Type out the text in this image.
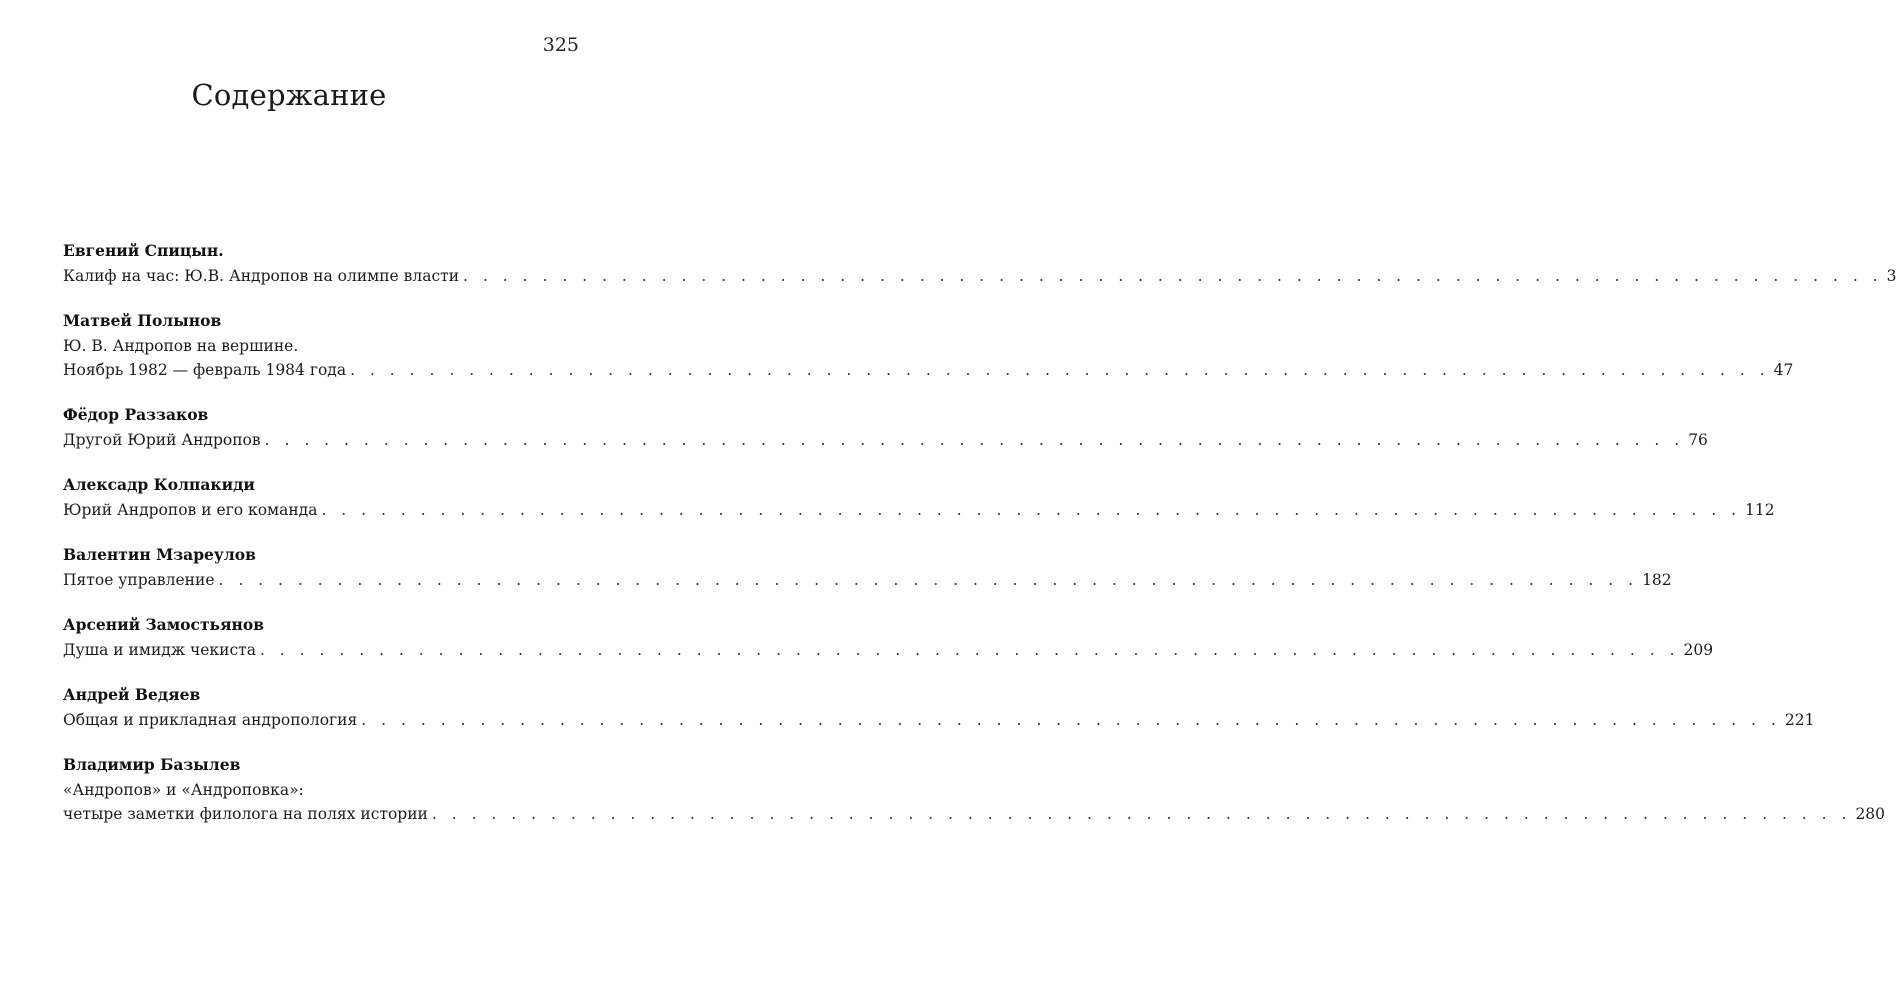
325
Содержание
Евгений Спицын.
Калиф на час: Ю.В. Андропов на олимпе власти . . . . . . . . . . . . . . . . . . . . . . . . . . . . . . . . . . . . . . . . . . . . . . . . . . . . . . . . . . . . . . . . . . . . . . . . 3
Матвей Полынов
Ю. В. Андропов на вершине.
Ноябрь 1982 — февраль 1984 года . . . . . . . . . . . . . . . . . . . . . . . . . . . . . . . . . . . . . . . . . . . . . . . . . . . . . . . . . . . . . . . . . . . . . . . . 47
Фёдор Раззаков
Другой Юрий Андропов . . . . . . . . . . . . . . . . . . . . . . . . . . . . . . . . . . . . . . . . . . . . . . . . . . . . . . . . . . . . . . . . . . . . . . . . 76
Алексадр Колпакиди
Юрий Андропов и его команда . . . . . . . . . . . . . . . . . . . . . . . . . . . . . . . . . . . . . . . . . . . . . . . . . . . . . . . . . . . . . . . . . . . . . . . . 112
Валентин Мзареулов
Пятое управление . . . . . . . . . . . . . . . . . . . . . . . . . . . . . . . . . . . . . . . . . . . . . . . . . . . . . . . . . . . . . . . . . . . . . . . . 182
Арсений Замостьянов
Душа и имидж чекиста . . . . . . . . . . . . . . . . . . . . . . . . . . . . . . . . . . . . . . . . . . . . . . . . . . . . . . . . . . . . . . . . . . . . . . . . 209
Андрей Ведяев
Общая и прикладная андропология . . . . . . . . . . . . . . . . . . . . . . . . . . . . . . . . . . . . . . . . . . . . . . . . . . . . . . . . . . . . . . . . . . . . . . . . 221
Владимир Базылев
«Андропов» и «Андроповка»:
четыре заметки филолога на полях истории . . . . . . . . . . . . . . . . . . . . . . . . . . . . . . . . . . . . . . . . . . . . . . . . . . . . . . . . . . . . . . . . . . . . . . . . 280
